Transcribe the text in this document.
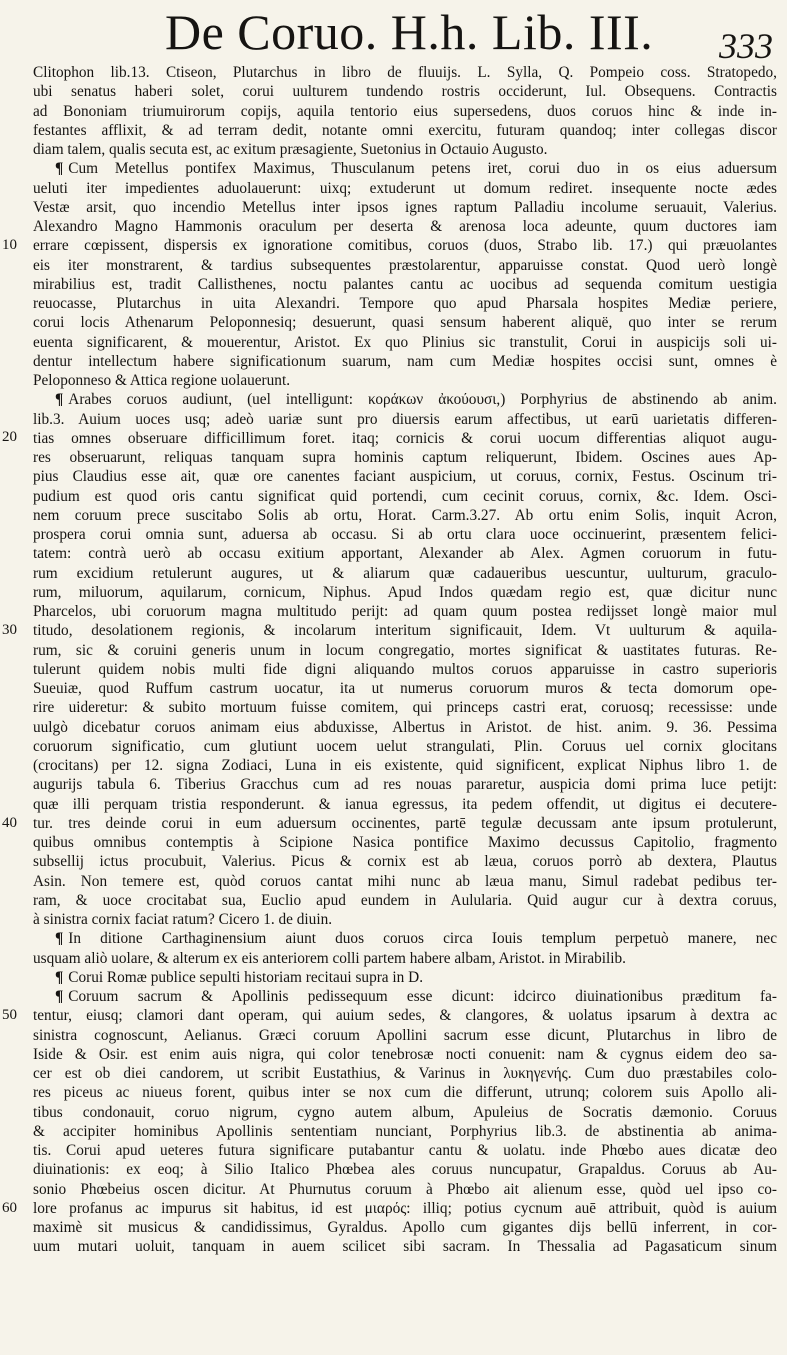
De Coruo. H.h. Lib. III. 333
10
20
30
40
50
60
Clitophon lib.13. Ctiseon, Plutarchus in libro de fluuijs. L. Sylla, Q. Pompeio coss. Stratopedo,
ubi senatus haberi solet, corui uulturem tundendo rostris occiderunt, Iul. Obsequens. Contractis
ad Bononiam triumuirorum copijs, aquila tentorio eius supersedens, duos coruos hinc & inde in-
festantes afflixit, & ad terram dedit, notante omni exercitu, futuram quandoq; inter collegas discor
diam talem, qualis secuta est, ac exitum præsagiente, Suetonius in Octauio Augusto.
¶ Cum Metellus pontifex Maximus, Thusculanum petens iret, corui duo in os eius aduersum
ueluti iter impedientes aduolauerunt: uixq; extuderunt ut domum rediret. insequente nocte ædes
Vestæ arsit, quo incendio Metellus inter ipsos ignes raptum Palladiu incolume seruauit, Valerius.
Alexandro Magno Hammonis oraculum per deserta & arenosa loca adeunte, quum ductores iam
errare cœpissent, dispersis ex ignoratione comitibus, coruos (duos, Strabo lib. 17.) qui præuolantes
eis iter monstrarent, & tardius subsequentes præstolarentur, apparuisse constat. Quod uerò longè
mirabilius est, tradit Callisthenes, noctu palantes cantu ac uocibus ad sequenda comitum uestigia
reuocasse, Plutarchus in uita Alexandri. Tempore quo apud Pharsala hospites Mediæ periere,
corui locis Athenarum Peloponnesiq; desuerunt, quasi sensum haberent aliquë, quo inter se rerum
euenta significarent, & mouerentur, Aristot. Ex quo Plinius sic transtulit, Corui in auspicijs soli ui-
dentur intellectum habere significationum suarum, nam cum Mediæ hospites occisi sunt, omnes è
Peloponneso & Attica regione uolauerunt.
¶ Arabes coruos audiunt, (uel intelligunt: κοράκων ἀκούουσι,) Porphyrius de abstinendo ab anim.
lib.3. Auium uoces usq; adeò uariæ sunt pro diuersis earum affectibus, ut earū uarietatis differen-
tias omnes obseruare difficillimum foret. itaq; cornicis & corui uocum differentias aliquot augu-
res obseruarunt, reliquas tanquam supra hominis captum reliquerunt, Ibidem. Oscines aues Ap-
pius Claudius esse ait, quæ ore canentes faciant auspicium, ut coruus, cornix, Festus. Oscinum tri-
pudium est quod oris cantu significat quid portendi, cum cecinit coruus, cornix, &c. Idem. Osci-
nem coruum prece suscitabo Solis ab ortu, Horat. Carm.3.27. Ab ortu enim Solis, inquit Acron,
prospera corui omnia sunt, aduersa ab occasu. Si ab ortu clara uoce occinuerint, præsentem felici-
tatem: contrà uerò ab occasu exitium apportant, Alexander ab Alex. Agmen coruorum in futu-
rum excidium retulerunt augures, ut & aliarum quæ cadaueribus uescuntur, uulturum, graculo-
rum, miluorum, aquilarum, cornicum, Niphus. Apud Indos quædam regio est, quæ dicitur nunc
Pharcelos, ubi coruorum magna multitudo perijt: ad quam quum postea redijsset longè maior mul
titudo, desolationem regionis, & incolarum interitum significauit, Idem. Vt uulturum & aquila-
rum, sic & coruini generis unum in locum congregatio, mortes significat & uastitates futuras. Re-
tulerunt quidem nobis multi fide digni aliquando multos coruos apparuisse in castro superioris
Sueuiæ, quod Ruffum castrum uocatur, ita ut numerus coruorum muros & tecta domorum ope-
rire uideretur: & subito mortuum fuisse comitem, qui princeps castri erat, coruosq; recessisse: unde
uulgò dicebatur coruos animam eius abduxisse, Albertus in Aristot. de hist. anim. 9. 36. Pessima
coruorum significatio, cum glutiunt uocem uelut strangulati, Plin. Coruus uel cornix glocitans
(crocitans) per 12. signa Zodiaci, Luna in eis existente, quid significent, explicat Niphus libro 1. de
augurijs tabula 6. Tiberius Gracchus cum ad res nouas pararetur, auspicia domi prima luce petijt:
quæ illi perquam tristia responderunt. & ianua egressus, ita pedem offendit, ut digitus ei decutere-
tur. tres deinde corui in eum aduersum occinentes, partē tegulæ decussam ante ipsum protulerunt,
quibus omnibus contemptis à Scipione Nasica pontifice Maximo decussus Capitolio, fragmento
subsellij ictus procubuit, Valerius. Picus & cornix est ab læua, coruos porrò ab dextera, Plautus
Asin. Non temere est, quòd coruos cantat mihi nunc ab læua manu, Simul radebat pedibus ter-
ram, & uoce crocitabat sua, Euclio apud eundem in Aulularia. Quid augur cur à dextra coruus,
à sinistra cornix faciat ratum? Cicero 1. de diuin.
¶ In ditione Carthaginensium aiunt duos coruos circa Iouis templum perpetuò manere, nec
usquam aliò uolare, & alterum ex eis anteriorem colli partem habere albam, Aristot. in Mirabilib.
¶ Corui Romæ publice sepulti historiam recitaui supra in D.
¶ Coruum sacrum & Apollinis pedissequum esse dicunt: idcirco diuinationibus præditum fa-
tentur, eiusq; clamori dant operam, qui auium sedes, & clangores, & uolatus ipsarum à dextra ac
sinistra cognoscunt, Aelianus. Græci coruum Apollini sacrum esse dicunt, Plutarchus in libro de
Iside & Osir. est enim auis nigra, qui color tenebrosæ nocti conuenit: nam & cygnus eidem deo sa-
cer est ob diei candorem, ut scribit Eustathius, & Varinus in λυκηγενής. Cum duo præstabiles colo-
res piceus ac niueus forent, quibus inter se nox cum die differunt, utrunq; colorem suis Apollo ali-
tibus condonauit, coruo nigrum, cygno autem album, Apuleius de Socratis dæmonio. Coruus
& accipiter hominibus Apollinis sententiam nunciant, Porphyrius lib.3. de abstinentia ab anima-
tis. Corui apud ueteres futura significare putabantur cantu & uolatu. inde Phœbo aues dicatæ deo
diuinationis: ex eoq; à Silio Italico Phœbea ales coruus nuncupatur, Grapaldus. Coruus ab Au-
sonio Phœbeius oscen dicitur. At Phurnutus coruum à Phœbo ait alienum esse, quòd uel ipso co-
lore profanus ac impurus sit habitus, id est μιαρός: illiq; potius cycnum auē attribuit, quòd is auium
maximè sit musicus & candidissimus, Gyraldus. Apollo cum gigantes dijs bellū inferrent, in cor-
uum mutari uoluit, tanquam in auem scilicet sibi sacram. In Thessalia ad Pagasaticum sinum
